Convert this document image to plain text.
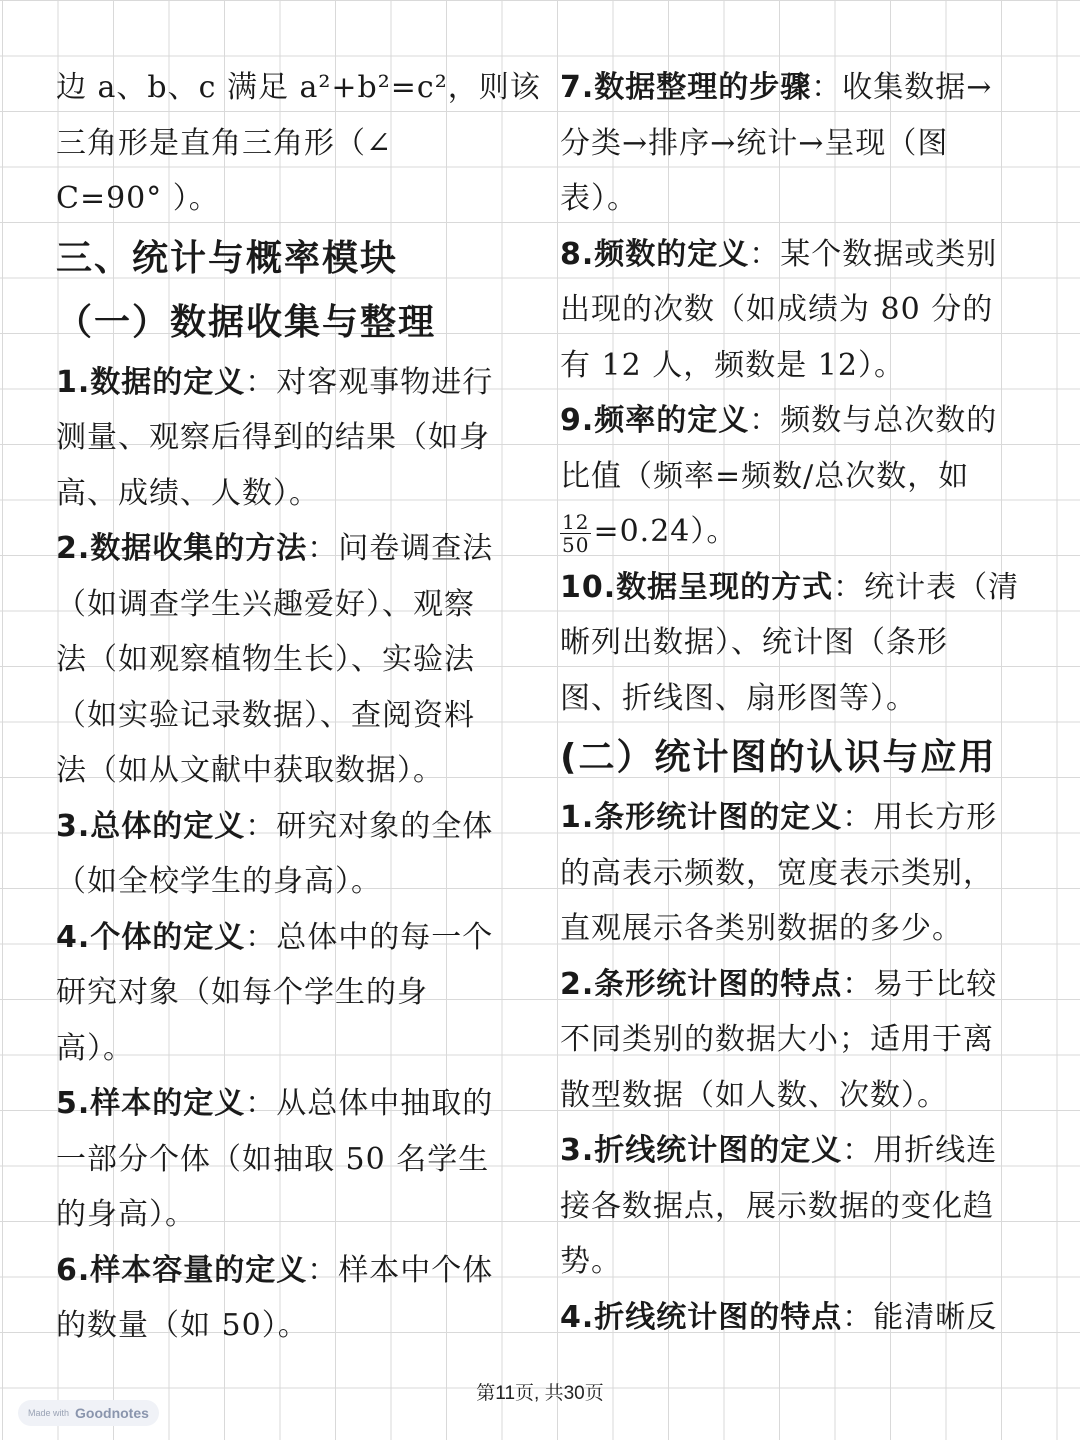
边 a、b、c 满足 a²+b²=c²，则该
三角形是直角三角形（∠
C=90° ）。
三、统计与概率模块
（一）数据收集与整理
1.数据的定义：对客观事物进行
测量、观察后得到的结果（如身
高、成绩、人数）。
2.数据收集的方法：问卷调查法
（如调查学生兴趣爱好）、观察
法（如观察植物生长）、实验法
（如实验记录数据）、查阅资料
法（如从文献中获取数据）。
3.总体的定义：研究对象的全体
（如全校学生的身高）。
4.个体的定义：总体中的每一个
研究对象（如每个学生的身
高）。
5.样本的定义：从总体中抽取的
一部分个体（如抽取 50 名学生
的身高）。
6.样本容量的定义：样本中个体
的数量（如 50）。
7.数据整理的步骤：收集数据→
分类→排序→统计→呈现（图
表）。
8.频数的定义：某个数据或类别
出现的次数（如成绩为 80 分的
有 12 人，频数是 12）。
9.频率的定义：频数与总次数的
比值（频率=频数/总次数，如
$\frac{12}{50} =0.24$）。
10.数据呈现的方式：统计表（清
晰列出数据）、统计图（条形
图、折线图、扇形图等）。
(二）统计图的认识与应用
1.条形统计图的定义：用长方形
的高表示频数，宽度表示类别，
直观展示各类别数据的多少。
2.条形统计图的特点：易于比较
不同类别的数据大小；适用于离
散型数据（如人数、次数）。
3.折线统计图的定义：用折线连
接各数据点，展示数据的变化趋
势。
4.折线统计图的特点：能清晰反
第11页, 共30页
Made with Goodnotes
